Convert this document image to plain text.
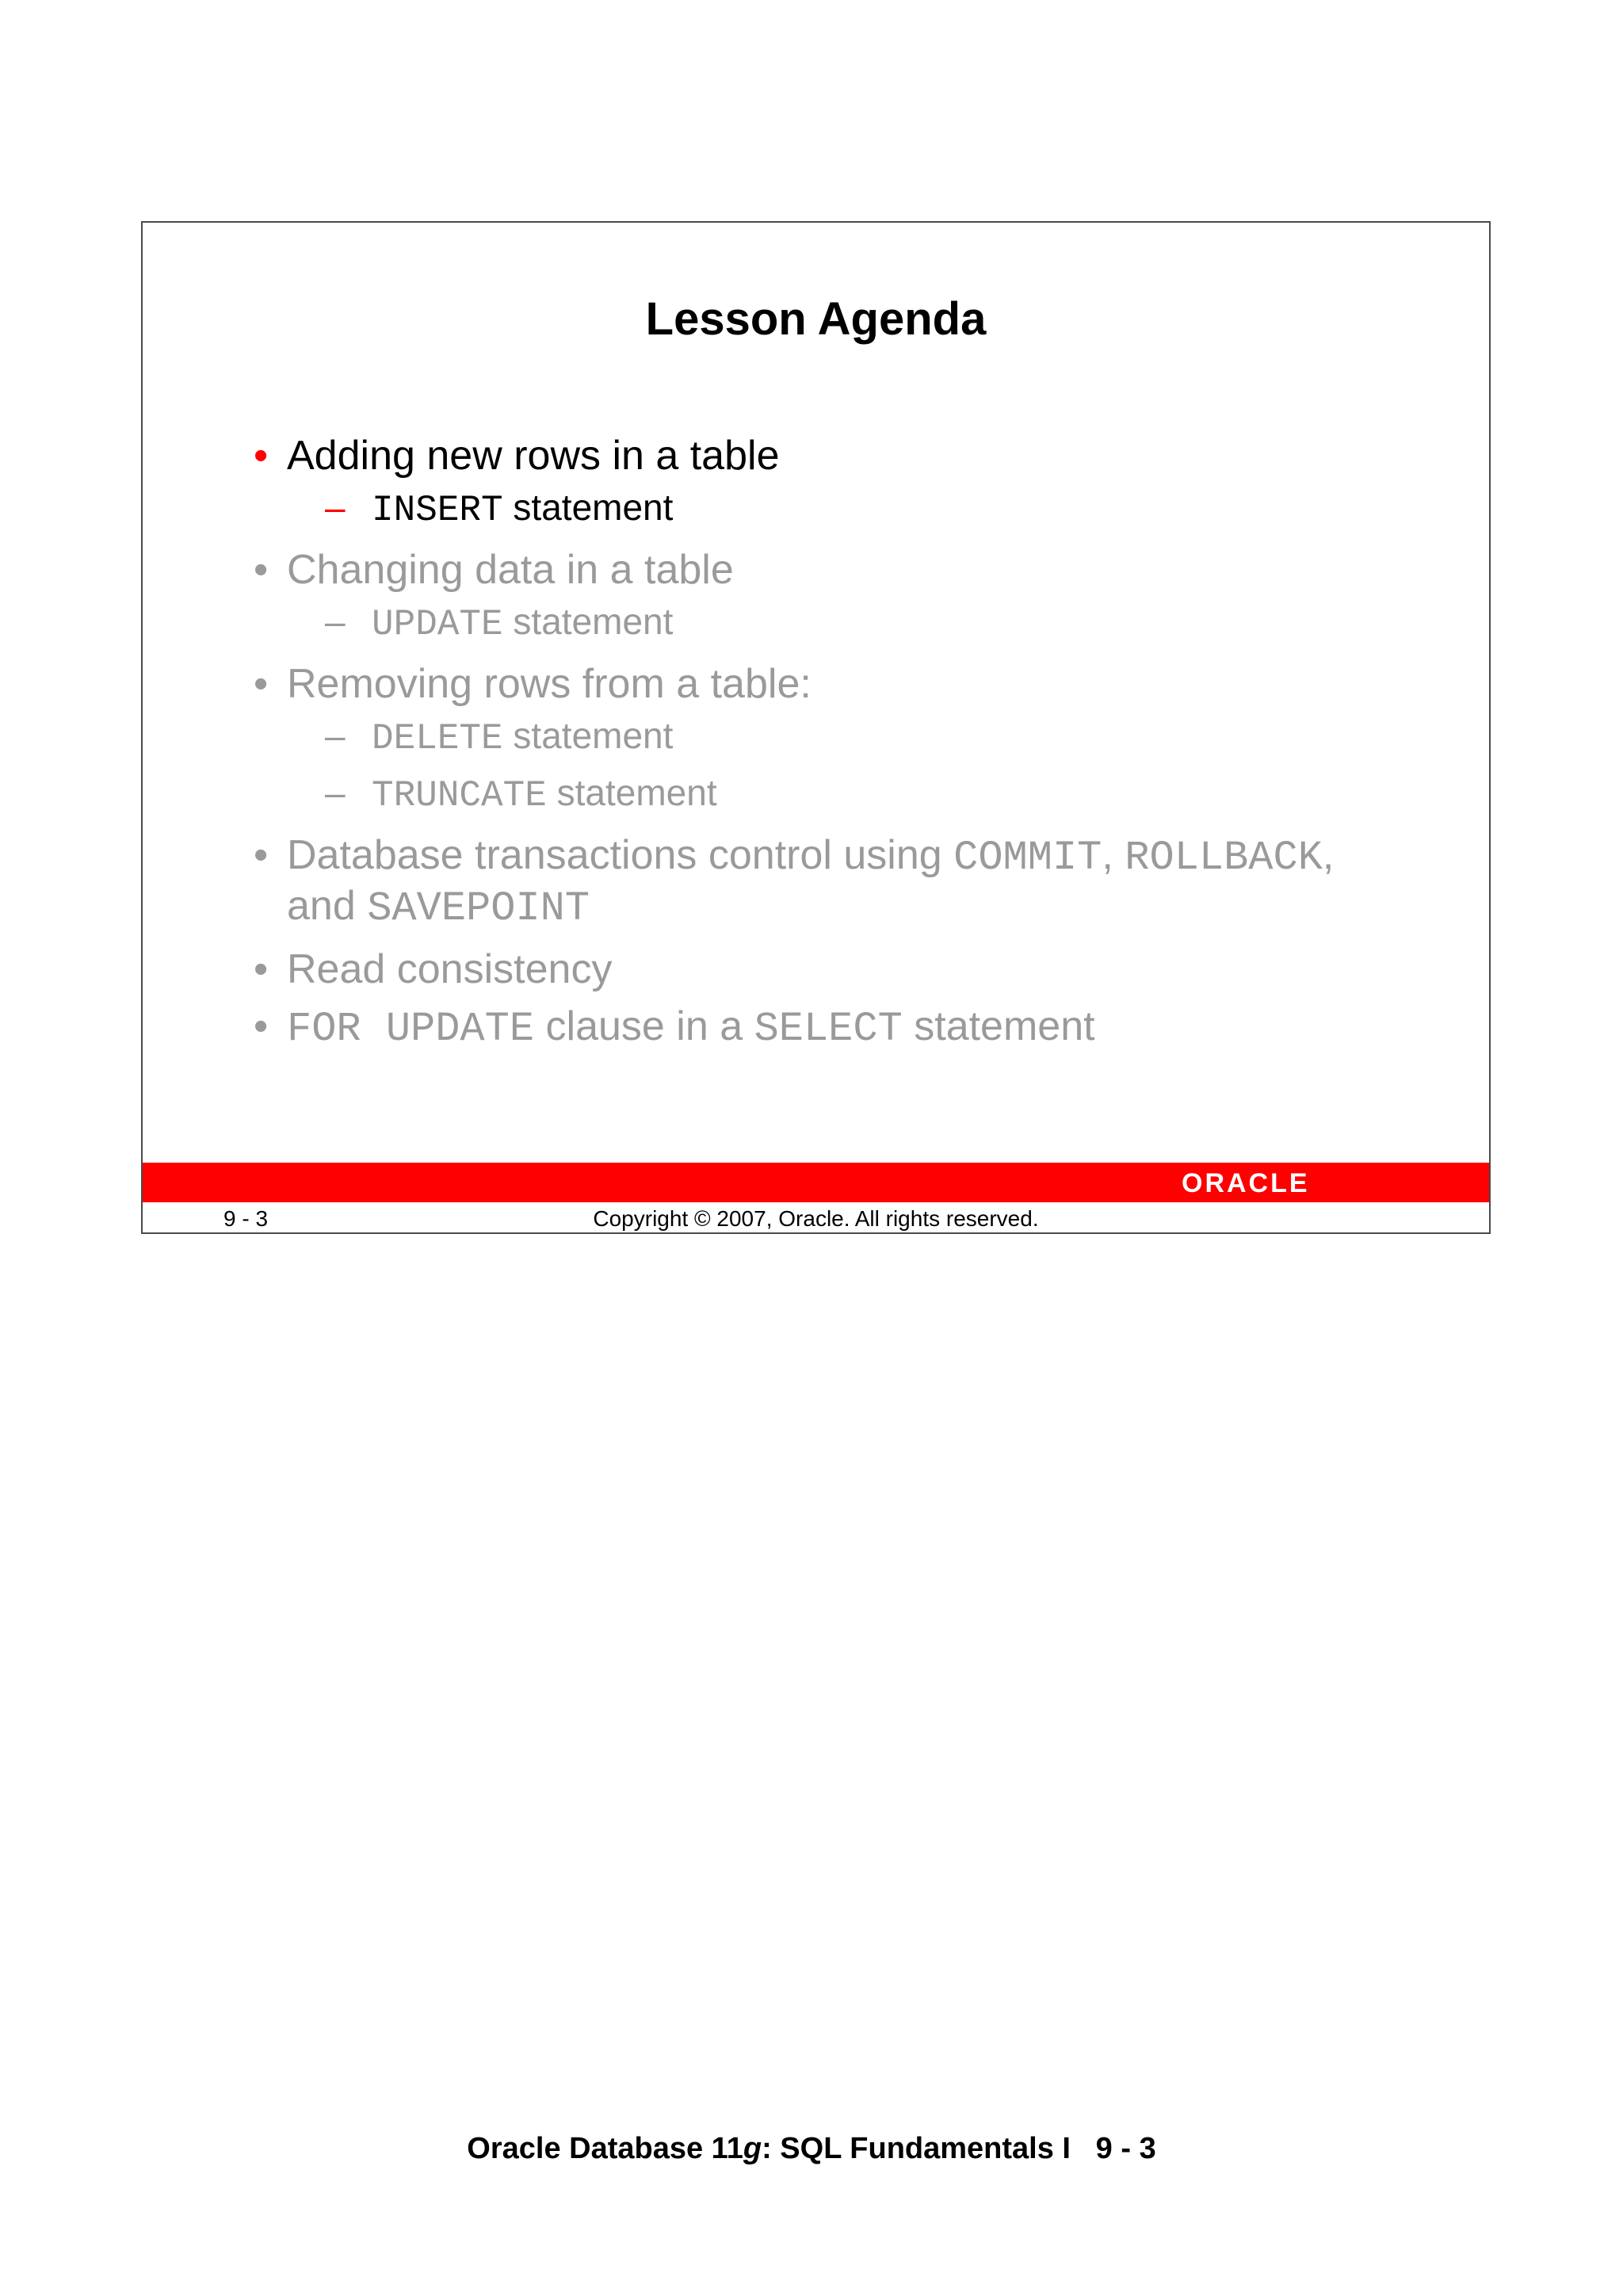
Lesson Agenda
• Adding new rows in a table
– INSERT statement
• Changing data in a table
– UPDATE statement
• Removing rows from a table:
– DELETE statement
– TRUNCATE statement
• Database transactions control using COMMIT, ROLLBACK,
and SAVEPOINT
• Read consistency
• FOR UPDATE clause in a SELECT statement
ORACLE
9 - 3	Copyright © 2007, Oracle. All rights reserved.
Oracle Database 11g: SQL Fundamentals I   9 - 3
